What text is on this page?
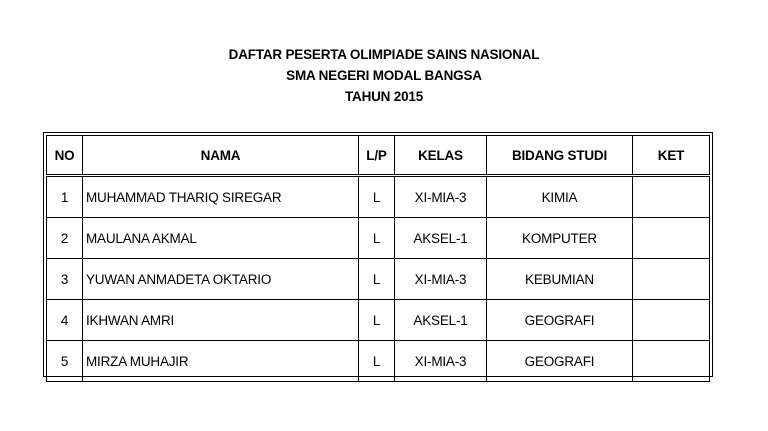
DAFTAR PESERTA OLIMPIADE SAINS NASIONAL
SMA NEGERI MODAL BANGSA
TAHUN 2015
NO	NAMA	L/P	KELAS	BIDANG STUDI	KET
1	MUHAMMAD THARIQ SIREGAR	L	XI-MIA-3	KIMIA	
2	MAULANA AKMAL	L	AKSEL-1	KOMPUTER	
3	YUWAN ANMADETA OKTARIO	L	XI-MIA-3	KEBUMIAN	
4	IKHWAN AMRI	L	AKSEL-1	GEOGRAFI	
5	MIRZA MUHAJIR	L	XI-MIA-3	GEOGRAFI	
